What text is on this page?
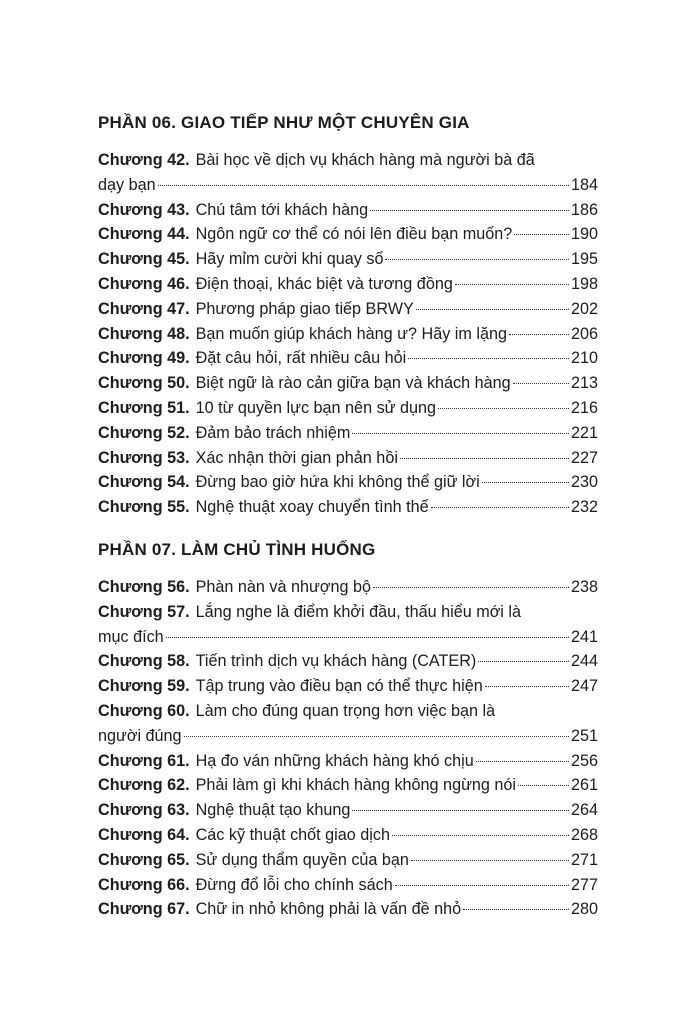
PHẦN 06. GIAO TIẾP NHƯ MỘT CHUYÊN GIA
Chương 42. Bài học về dịch vụ khách hàng mà người bà đã
dạy bạn	184
Chương 43. Chú tâm tới khách hàng	186
Chương 44. Ngôn ngữ cơ thể có nói lên điều bạn muốn?	190
Chương 45. Hãy mỉm cười khi quay số	195
Chương 46. Điện thoại, khác biệt và tương đồng	198
Chương 47. Phương pháp giao tiếp BRWY	202
Chương 48. Bạn muốn giúp khách hàng ư? Hãy im lặng	206
Chương 49. Đặt câu hỏi, rất nhiều câu hỏi	210
Chương 50. Biệt ngữ là rào cản giữa bạn và khách hàng	213
Chương 51. 10 từ quyền lực bạn nên sử dụng	216
Chương 52. Đảm bảo trách nhiệm	221
Chương 53. Xác nhận thời gian phản hồi	227
Chương 54. Đừng bao giờ hứa khi không thể giữ lời	230
Chương 55. Nghệ thuật xoay chuyển tình thế	232
PHẦN 07. LÀM CHỦ TÌNH HUỐNG
Chương 56. Phàn nàn và nhượng bộ	238
Chương 57. Lắng nghe là điểm khởi đầu, thấu hiểu mới là
mục đích	241
Chương 58. Tiến trình dịch vụ khách hàng (CATER)	244
Chương 59. Tập trung vào điều bạn có thể thực hiện	247
Chương 60. Làm cho đúng quan trọng hơn việc bạn là
người đúng	251
Chương 61. Hạ đo ván những khách hàng khó chịu	256
Chương 62. Phải làm gì khi khách hàng không ngừng nói	261
Chương 63. Nghệ thuật tạo khung	264
Chương 64. Các kỹ thuật chốt giao dịch	268
Chương 65. Sử dụng thẩm quyền của bạn	271
Chương 66. Đừng đổ lỗi cho chính sách	277
Chương 67. Chữ in nhỏ không phải là vấn đề nhỏ	280
